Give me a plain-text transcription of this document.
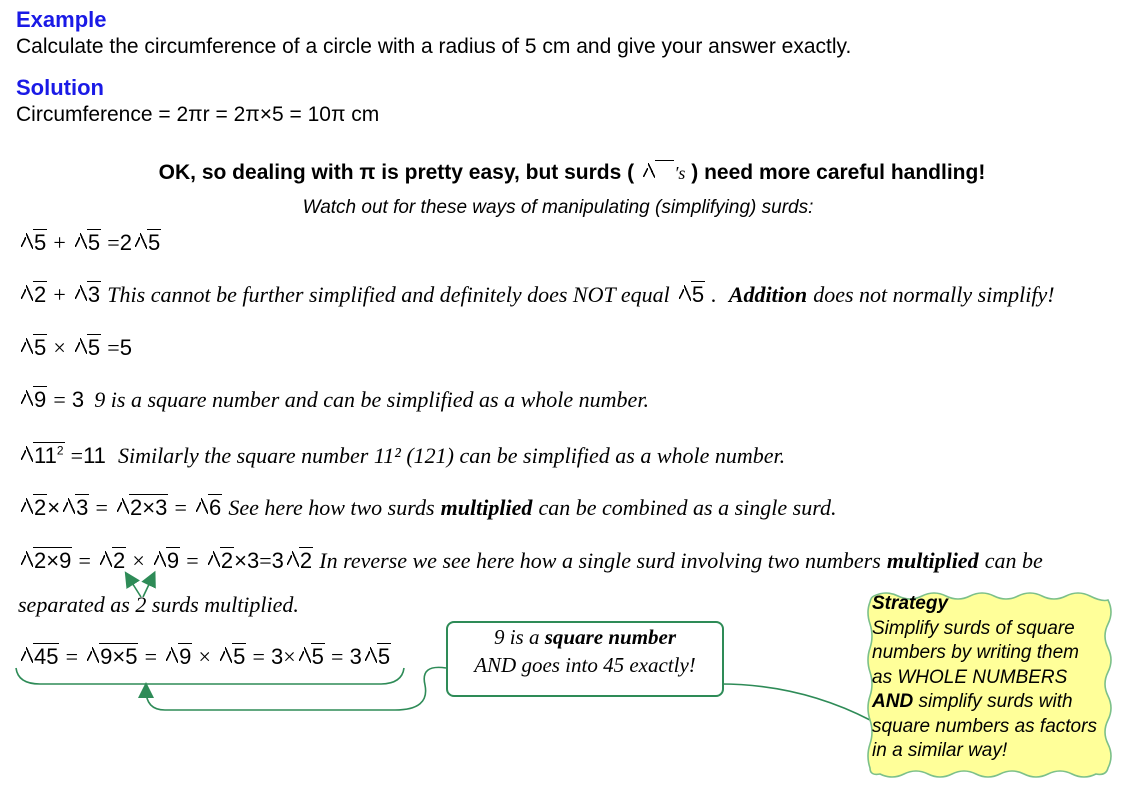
Example
Calculate the circumference of a circle with a radius of 5 cm and give your answer exactly.
Solution
Circumference = 2πr = 2π×5 = 10π cm
OK, so dealing with π is pretty easy, but surds ( ′s ) need more careful handling!
Watch out for these ways of manipulating (simplifying) surds:
5 + 5 =2 5
2 + 3 This cannot be further simplified and definitely does NOT equal 5 . Addition does not normally simplify!
5 × 5 =5
9 = 3 9 is a square number and can be simplified as a whole number.
$11^2 =11$ Similarly the square number 11² (121) can be simplified as a whole number.
2× 3 = 2×3 = 6 See here how two surds multiplied can be combined as a single surd.
2×9 = 2 × 9 = 2×3=3 2 In reverse we see here how a single surd involving two numbers multiplied can be
separated as 2 surds multiplied.
45 = 9×5 = 9 × 5 = 3× 5 = 3 5
9 is a square number
AND goes into 45 exactly!
Strategy
Simplify surds of square
numbers by writing them
as WHOLE NUMBERS
AND simplify surds with
square numbers as factors
in a similar way!
